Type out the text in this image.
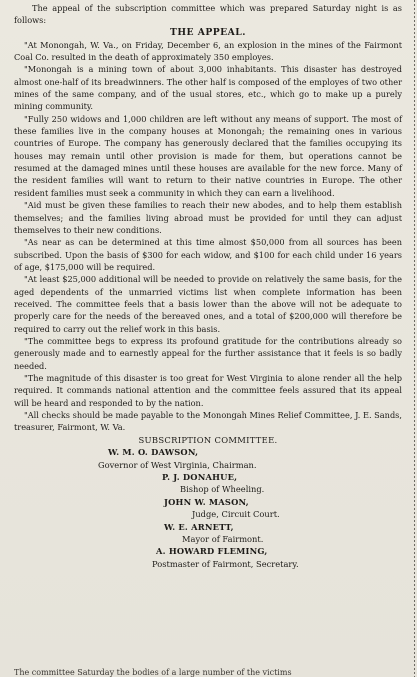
The appeal of the subscription committee which was prepared Saturday night is as follows:

THE APPEAL.

"At Monongah, W. Va., on Friday, December 6, an explosion in the mines of the Fairmont Coal Co. resulted in the death of approximately 350 employes.

"Monongah is a mining town of about 3,000 inhabitants. This disaster has destroyed almost one-half of its breadwinners. The other half is composed of the employes of two other mines of the same company, and of the usual stores, etc., which go to make up a purely mining community.

"Fully 250 widows and 1,000 children are left without any means of support. The most of these families live in the company houses at Monongah; the remaining ones in various countries of Europe. The company has generously declared that the families occupying its houses may remain until other provision is made for them, but operations cannot be resumed at the damaged mines until these houses are available for the new force. Many of the resident families will want to return to their native countries in Europe. The other resident families must seek a community in which they can earn a livelihood.

"Aid must be given these families to reach their new abodes, and to help them establish themselves; and the families living abroad must be provided for until they can adjust themselves to their new conditions.

"As near as can be determined at this time almost $50,000 from all sources has been subscribed. Upon the basis of $300 for each widow, and $100 for each child under 16 years of age, $175,000 will be required.

"At least $25,000 additional will be needed to provide on relatively the same basis, for the aged dependents of the unmarried victims list when complete information has been received. The committee feels that a basis lower than the above will not be adequate to properly care for the needs of the bereaved ones, and a total of $200,000 will therefore be required to carry out the relief work in this basis.

"The committee begs to express its profound gratitude for the contributions already so generously made and to earnestly appeal for the further assistance that it feels is so badly needed.

"The magnitude of this disaster is too great for West Virginia to alone render all the help required. It commands national attention and the committee feels assured that its appeal will be heard and responded to by the nation.

"All checks should be made payable to the Monongah Mines Relief Committee, J. E. Sands, treasurer, Fairmont, W. Va.

SUBSCRIPTION COMMITTEE.

W. M. O. DAWSON,
Governor of West Virginia, Chairman.
P. J. DONAHUE,
Bishop of Wheeling.
JOHN W. MASON,
Judge, Circuit Court.
W. E. ARNETT,
Mayor of Fairmont.
A. HOWARD FLEMING,
Postmaster of Fairmont, Secretary.
The committee Saturday the bodies of a large number of the victims
